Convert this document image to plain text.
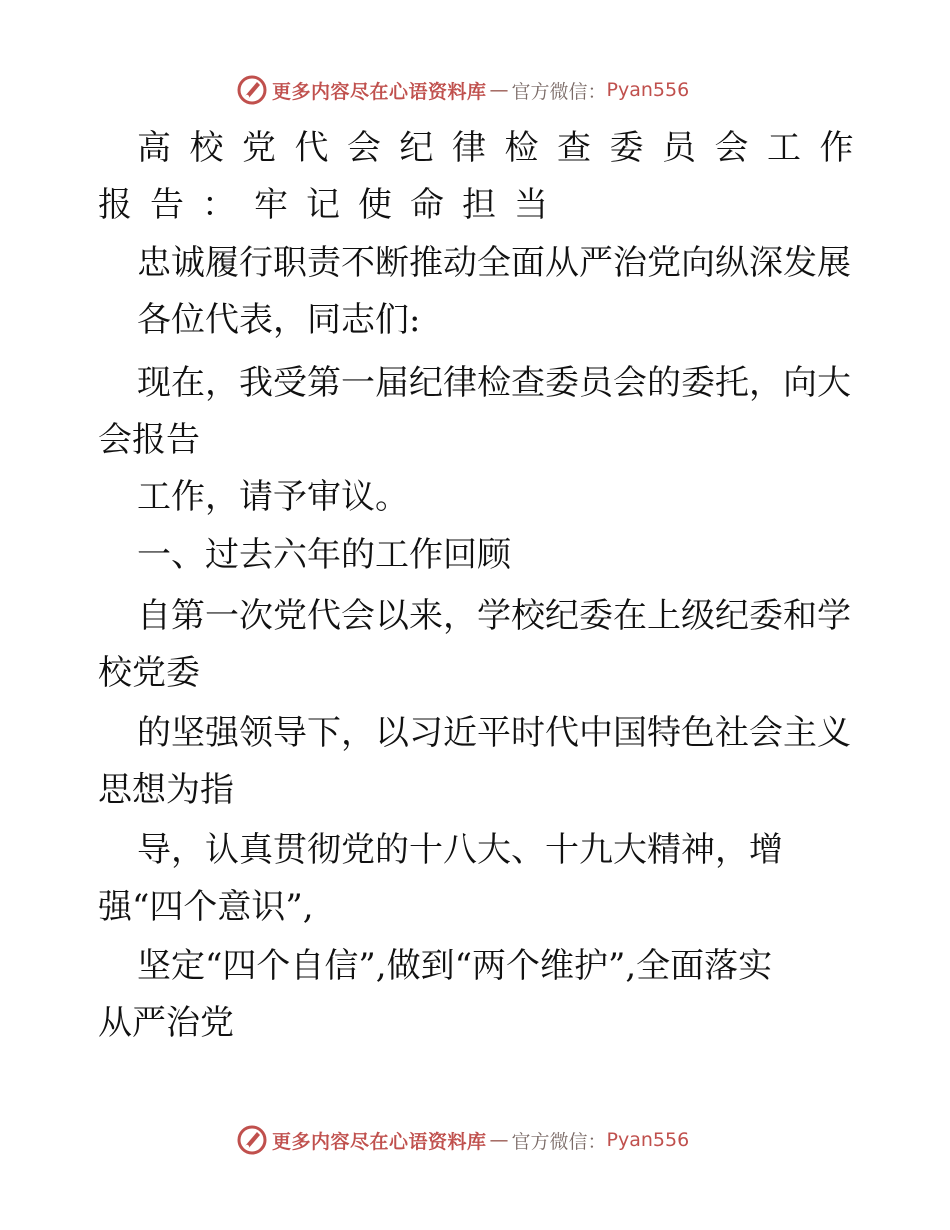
更多内容尽在心语资料库 — 官方微信： Pyan556
高校党代会纪律检查委员会工作
报告：牢记使命担当
忠诚履行职责不断推动全面从严治党向纵深发展
各位代表，同志们:
现在，我受第一届纪律检查委员会的委托，向大
会报告
工作，请予审议。
一、过去六年的工作回顾
自第一次党代会以来，学校纪委在上级纪委和学
校党委
的坚强领导下，以习近平时代中国特色社会主义
思想为指
导，认真贯彻党的十八大、十九大精神，增
强“四个意识”,
坚定“四个自信”,做到“两个维护”,全面落实
从严治党
更多内容尽在心语资料库 — 官方微信： Pyan556
